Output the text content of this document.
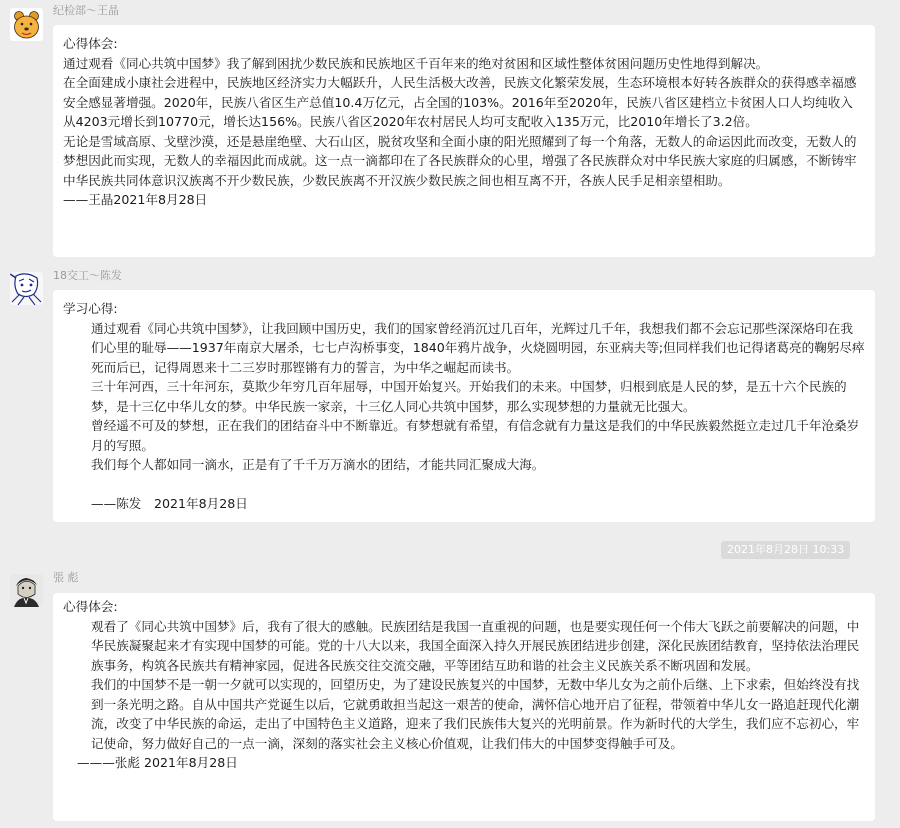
纪检部～王晶

心得体会:

通过观看《同心共筑中国梦》我了解到困扰少数民族和民族地区千百年来的绝对贫困和区域性整体贫困问题历史性地得到解决。

在全面建成小康社会进程中，民族地区经济实力大幅跃升，人民生活极大改善，民族文化繁荣发展，生态环境根本好转各族群众的获得感幸福感安全感显著增强。2020年，民族八省区生产总值10.4万亿元，占全国的103%。2016年至2020年，民族八省区建档立卡贫困人口人均纯收入从4203元增长到10770元，增长达156%。民族八省区2020年农村居民人均可支配收入135万元，比2010年增长了3.2倍。

无论是雪域高原、戈壁沙漠，还是悬崖绝壁、大石山区，脱贫攻坚和全面小康的阳光照耀到了每一个角落，无数人的命运因此而改变，无数人的梦想因此而实现，无数人的幸福因此而成就。这一点一滴都印在了各民族群众的心里，增强了各民族群众对中华民族大家庭的归属感，不断铸牢中华民族共同体意识汉族离不开少数民族，少数民族离不开汉族少数民族之间也相互离不开，各族人民手足相亲望相助。

——王晶2021年8月28日

18交工～陈发

学习心得:

通过观看《同心共筑中国梦》，让我回顾中国历史，我们的国家曾经消沉过几百年，光辉过几千年，我想我们都不会忘记那些深深烙印在我们心里的耻辱——1937年南京大屠杀，七七卢沟桥事变，1840年鸦片战争，火烧圆明园，东亚病夫等;但同样我们也记得诸葛亮的鞠躬尽瘁死而后已，记得周恩来十二三岁时那铿锵有力的誓言，为中华之崛起而读书。

三十年河西，三十年河东，莫欺少年穷几百年屈辱，中国开始复兴。开始我们的未来。中国梦，归根到底是人民的梦，是五十六个民族的梦，是十三亿中华儿女的梦。中华民族一家亲，十三亿人同心共筑中国梦，那么实现梦想的力量就无比强大。

曾经遥不可及的梦想，正在我们的团结奋斗中不断靠近。有梦想就有希望，有信念就有力量这是我们的中华民族毅然挺立走过几千年沧桑岁月的写照。

我们每个人都如同一滴水，正是有了千千万万滴水的团结，才能共同汇聚成大海。

——陈发　2021年8月28日

2021年8月28日 10:33
張 彪

心得体会:

观看了《同心共筑中国梦》后，我有了很大的感触。民族团结是我国一直重视的问题，也是要实现任何一个伟大飞跃之前要解决的问题，中华民族凝聚起来才有实现中国梦的可能。党的十八大以来，我国全面深入持久开展民族团结进步创建，深化民族团结教育，坚持依法治理民族事务，构筑各民族共有精神家园，促进各民族交往交流交融，平等团结互助和谐的社会主义民族关系不断巩固和发展。

我们的中国梦不是一朝一夕就可以实现的，回望历史，为了建设民族复兴的中国梦，无数中华儿女为之前仆后继、上下求索，但始终没有找到一条光明之路。自从中国共产党诞生以后，它就勇敢担当起这一艰苦的使命，满怀信心地开启了征程，带领着中华儿女一路追赶现代化潮流，改变了中华民族的命运，走出了中国特色主义道路，迎来了我们民族伟大复兴的光明前景。作为新时代的大学生，我们应不忘初心，牢记使命，努力做好自己的一点一滴，深刻的落实社会主义核心价值观，让我们伟大的中国梦变得触手可及。

———张彪 2021年8月28日
